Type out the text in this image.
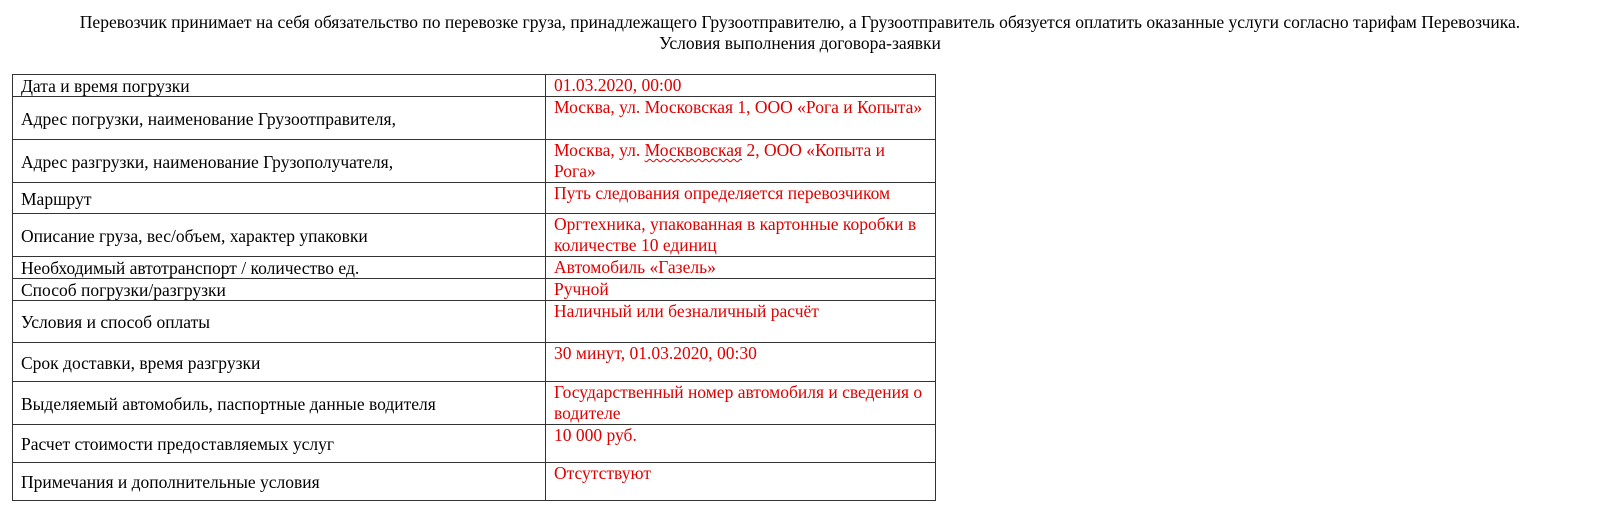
Перевозчик принимает на себя обязательство по перевозке груза, принадлежащего Грузоотправителю, а Грузоотправитель обязуется оплатить оказанные услуги согласно тарифам Перевозчика.
Условия выполнения договора-заявки
Дата и время погрузки	01.03.2020, 00:00
Адрес погрузки, наименование Грузоотправителя,	Москва, ул. Московская 1, ООО «Рога и Копыта»
Адрес разгрузки, наименование Грузополучателя,	Москва, ул. Москвовская 2, ООО «Копыта и Рога»
Маршрут	Путь следования определяется перевозчиком
Описание груза, вес/объем, характер упаковки	Оргтехника, упакованная в картонные коробки в количестве 10 единиц
Необходимый автотранспорт / количество ед.	Автомобиль «Газель»
Способ погрузки/разгрузки	Ручной
Условия и способ оплаты	Наличный или безналичный расчёт
Срок доставки, время разгрузки	30 минут, 01.03.2020, 00:30
Выделяемый автомобиль, паспортные данные водителя	Государственный номер автомобиля и сведения о водителе
Расчет стоимости предоставляемых услуг	10 000 руб.
Примечания и дополнительные условия	Отсутствуют
